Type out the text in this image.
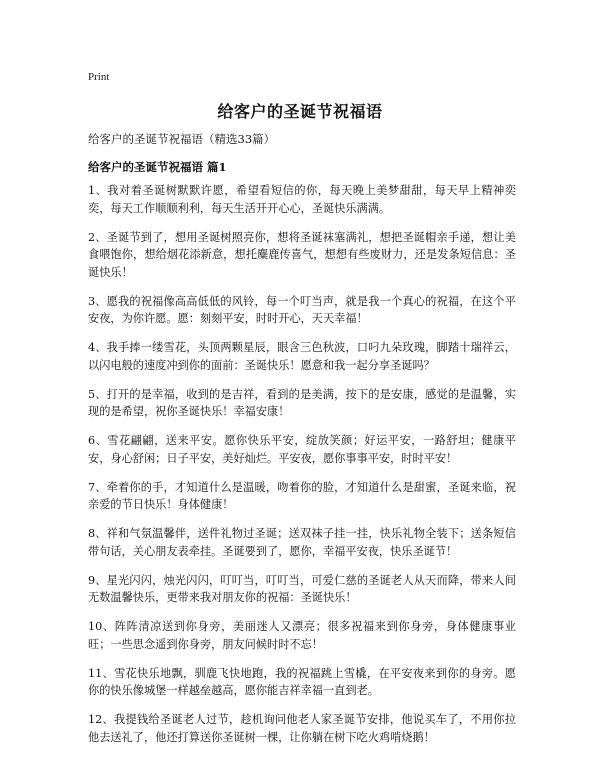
Print
给客户的圣诞节祝福语

给客户的圣诞节祝福语（精选33篇）

给客户的圣诞节祝福语 篇1

1、我对着圣诞树默默许愿，希望看短信的你，每天晚上美梦甜甜，每天早上精神奕奕，每天工作顺顺利利，每天生活开开心心，圣诞快乐满满。

2、圣诞节到了，想用圣诞树照亮你，想将圣诞袜塞满礼，想把圣诞帽亲手递，想让美食喂饱你，想给烟花添新意，想托麋鹿传喜气，想想有些废财力，还是发条短信息：圣诞快乐！

3、愿我的祝福像高高低低的风铃，每一个叮当声，就是我一个真心的祝福，在这个平安夜，为你许愿。愿：刻刻平安，时时开心，天天幸福！

4、我手捧一缕雪花，头顶两颗星辰，眼含三色秋波，口叼九朵玫瑰，脚踏十瑞祥云，以闪电般的速度冲到你的面前：圣诞快乐！愿意和我一起分享圣诞吗？

5、打开的是幸福，收到的是吉祥，看到的是美满，按下的是安康，感觉的是温馨，实现的是希望，祝你圣诞快乐！幸福安康！

6、雪花翩翩，送来平安。愿你快乐平安，绽放笑颜；好运平安，一路舒坦；健康平安，身心舒闲；日子平安，美好灿烂。平安夜，愿你事事平安，时时平安！

7、牵着你的手，才知道什么是温暖，吻着你的脸，才知道什么是甜蜜，圣诞来临，祝亲爱的节日快乐！身体健康！

8、祥和气氛温馨伴，送件礼物过圣诞；送双袜子挂一挂，快乐礼物全装下；送条短信带句话，关心朋友表牵挂。圣诞要到了，愿你，幸福平安夜，快乐圣诞节！

9、星光闪闪，烛光闪闪，叮叮当，叮叮当，可爱仁慈的圣诞老人从天而降，带来人间无数温馨快乐，更带来我对朋友你的祝福：圣诞快乐！

10、阵阵清凉送到你身旁，美丽迷人又漂亮；很多祝福来到你身旁，身体健康事业旺；一些思念遥到你身旁，朋友问候时时不忘！

11、雪花快乐地飘，驯鹿飞快地跑，我的祝福跳上雪橇，在平安夜来到你的身旁。愿你的快乐像城堡一样越垒越高，愿你能吉祥幸福一直到老。

12、我提钱给圣诞老人过节，趁机询问他老人家圣诞节安排，他说买车了，不用你拉他去送礼了，他还打算送你圣诞树一棵，让你躺在树下吃火鸡啃烧鹅！
